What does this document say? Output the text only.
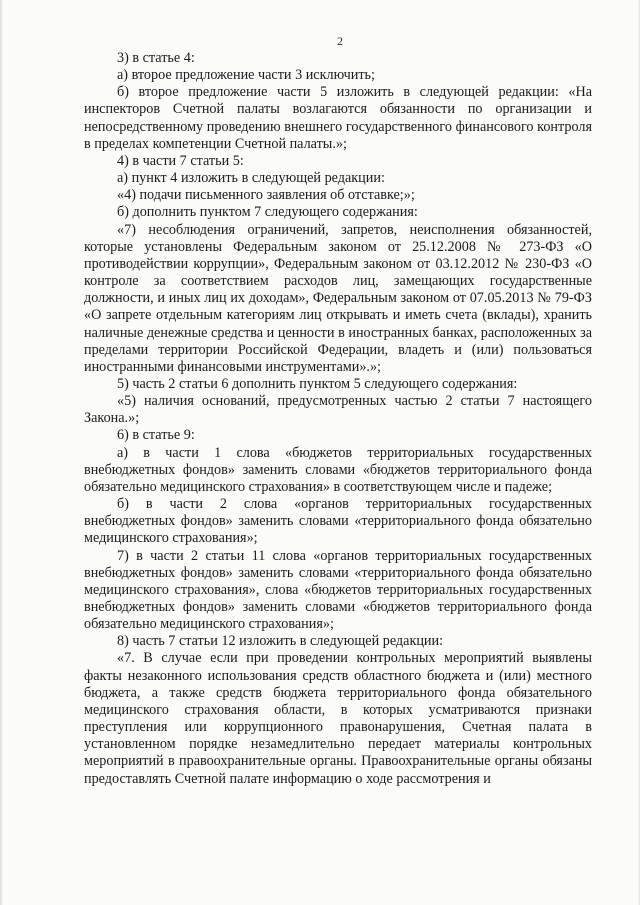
2

3) в статье 4:

а) второе предложение части 3 исключить;

б) второе предложение части 5 изложить в следующей редакции: «На инспекторов Счетной палаты возлагаются обязанности по организации и непосредственному проведению внешнего государственного финансового контроля в пределах компетенции Счетной палаты.»;

4) в части 7 статьи 5:

а) пункт 4 изложить в следующей редакции:

«4) подачи письменного заявления об отставке;»;

б) дополнить пунктом 7 следующего содержания:

«7) несоблюдения ограничений, запретов, неисполнения обязанностей, которые установлены Федеральным законом от 25.12.2008 № 273-ФЗ «О противодействии коррупции», Федеральным законом от 03.12.2012 № 230-ФЗ «О контроле за соответствием расходов лиц, замещающих государственные должности, и иных лиц их доходам», Федеральным законом от 07.05.2013 № 79-ФЗ «О запрете отдельным категориям лиц открывать и иметь счета (вклады), хранить наличные денежные средства и ценности в иностранных банках, расположенных за пределами территории Российской Федерации, владеть и (или) пользоваться иностранными финансовыми инструментами».»;

5) часть 2 статьи 6 дополнить пунктом 5 следующего содержания:

«5) наличия оснований, предусмотренных частью 2 статьи 7 настоящего Закона.»;

6) в статье 9:

а) в части 1 слова «бюджетов территориальных государственных внебюджетных фондов» заменить словами «бюджетов территориального фонда обязательно медицинского страхования» в соответствующем числе и падеже;

б) в части 2 слова «органов территориальных государственных внебюджетных фондов» заменить словами «территориального фонда обязательно медицинского страхования»;

7) в части 2 статьи 11 слова «органов территориальных государственных внебюджетных фондов» заменить словами «территориального фонда обязательно медицинского страхования», слова «бюджетов территориальных государственных внебюджетных фондов» заменить словами «бюджетов территориального фонда обязательно медицинского страхования»;

8) часть 7 статьи 12 изложить в следующей редакции:

«7. В случае если при проведении контрольных мероприятий выявлены факты незаконного использования средств областного бюджета и (или) местного бюджета, а также средств бюджета территориального фонда обязательного медицинского страхования области, в которых усматриваются признаки преступления или коррупционного правонарушения, Счетная палата в установленном порядке незамедлительно передает материалы контрольных мероприятий в правоохранительные органы. Правоохранительные органы обязаны предоставлять Счетной палате информацию о ходе рассмотрения и
